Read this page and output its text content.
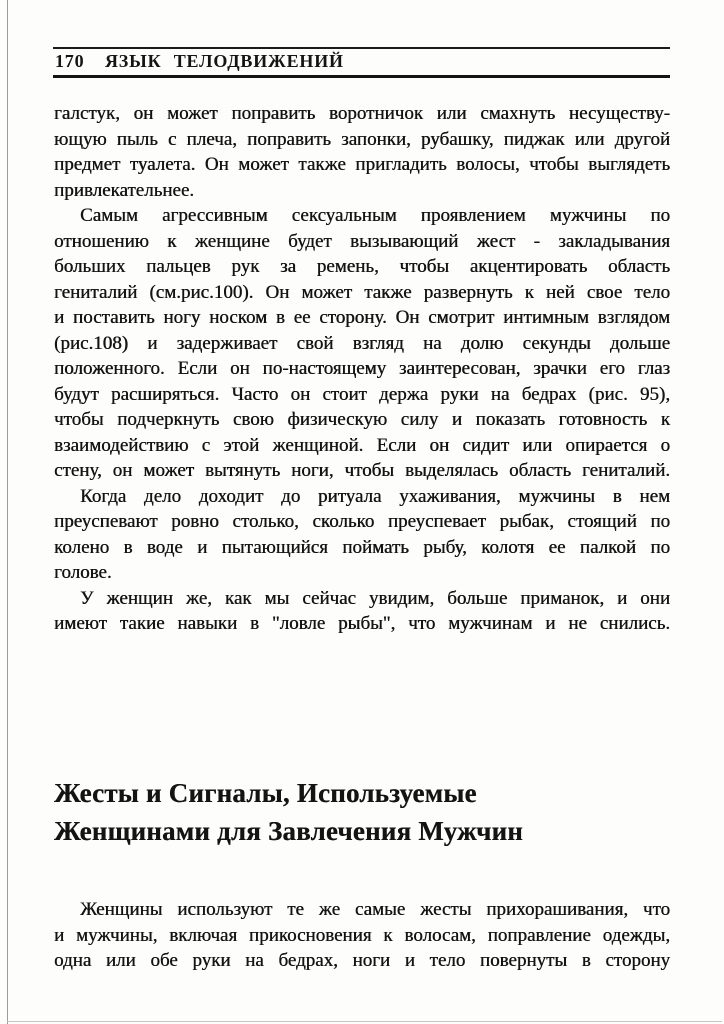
170	ЯЗЫК ТЕЛОДВИЖЕНИЙ
галстук, он может поправить воротничок или смахнуть несуществу-
ющую пыль с плеча, поправить запонки, рубашку, пиджак или другой
предмет туалета. Он может также пригладить волосы, чтобы выглядеть
привлекательнее.
Самым агрессивным сексуальным проявлением мужчины по
отношению к женщине будет вызывающий жест - закладывания
больших пальцев рук за ремень, чтобы акцентировать область
гениталий (см.рис.100). Он может также развернуть к ней свое тело
и поставить ногу носком в ее сторону. Он смотрит интимным взглядом
(рис.108) и задерживает свой взгляд на долю секунды дольше
положенного. Если он по-настоящему заинтересован, зрачки его глаз
будут расширяться. Часто он стоит держа руки на бедрах (рис. 95),
чтобы подчеркнуть свою физическую силу и показать готовность к
взаимодействию с этой женщиной. Если он сидит или опирается о
стену, он может вытянуть ноги, чтобы выделялась область гениталий.
Когда дело доходит до ритуала ухаживания, мужчины в нем
преуспевают ровно столько, сколько преуспевает рыбак, стоящий по
колено в воде и пытающийся поймать рыбу, колотя ее палкой по
голове.
У женщин же, как мы сейчас увидим, больше приманок, и они
имеют такие навыки в "ловле рыбы", что мужчинам и не снились.
Жесты и Сигналы, Используемые
Женщинами для Завлечения Мужчин
Женщины используют те же самые жесты прихорашивания, что
и мужчины, включая прикосновения к волосам, поправление одежды,
одна или обе руки на бедрах, ноги и тело повернуты в сторону
